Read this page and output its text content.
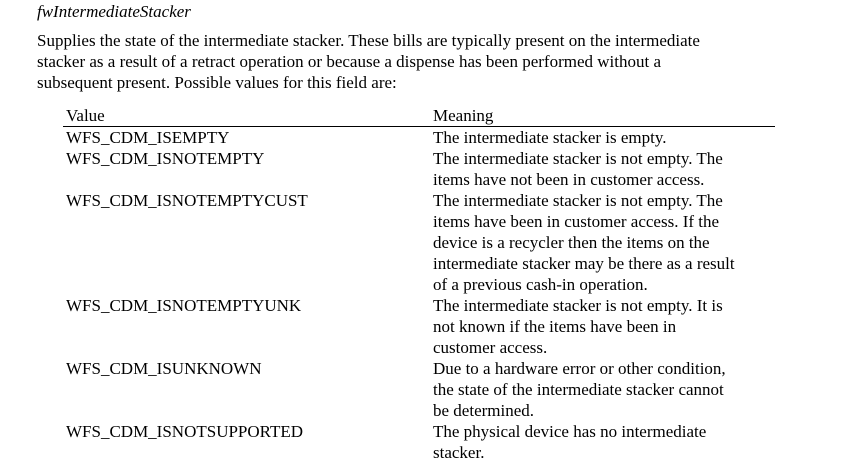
fwIntermediateStacker
Supplies the state of the intermediate stacker. These bills are typically present on the intermediate
stacker as a result of a retract operation or because a dispense has been performed without a
subsequent present. Possible values for this field are:
Value	Meaning
WFS_CDM_ISEMPTY	The intermediate stacker is empty.
WFS_CDM_ISNOTEMPTY	The intermediate stacker is not empty. The
items have not been in customer access.
WFS_CDM_ISNOTEMPTYCUST	The intermediate stacker is not empty. The
items have been in customer access. If the
device is a recycler then the items on the
intermediate stacker may be there as a result
of a previous cash-in operation.
WFS_CDM_ISNOTEMPTYUNK	The intermediate stacker is not empty. It is
not known if the items have been in
customer access.
WFS_CDM_ISUNKNOWN	Due to a hardware error or other condition,
the state of the intermediate stacker cannot
be determined.
WFS_CDM_ISNOTSUPPORTED	The physical device has no intermediate
stacker.
